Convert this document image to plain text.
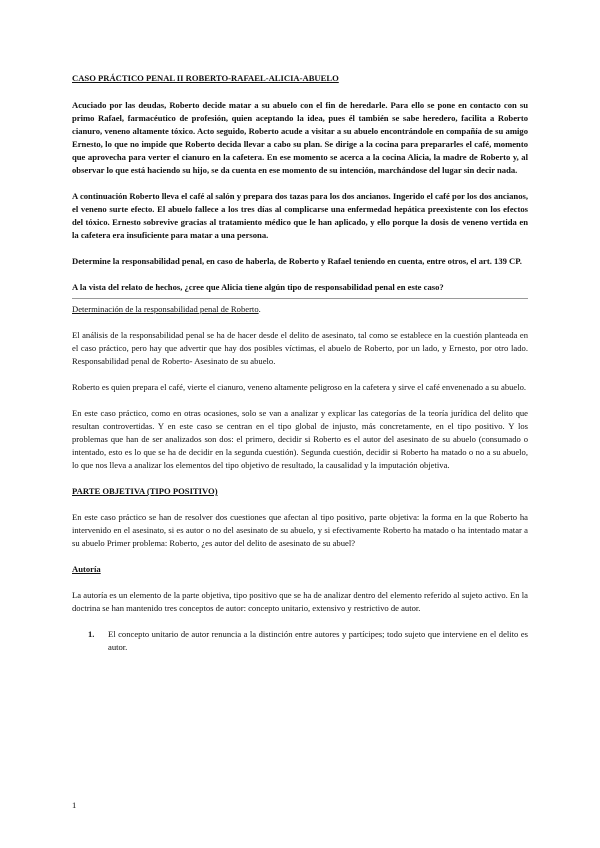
CASO PRÁCTICO PENAL II ROBERTO-RAFAEL-ALICIA-ABUELO

Acuciado por las deudas, Roberto decide matar a su abuelo con el fin de heredarle. Para ello se pone en contacto con su primo Rafael, farmacéutico de profesión, quien aceptando la idea, pues él también se sabe heredero, facilita a Roberto cianuro, veneno altamente tóxico. Acto seguido, Roberto acude a visitar a su abuelo encontrándole en compañía de su amigo Ernesto, lo que no impide que Roberto decida llevar a cabo su plan. Se dirige a la cocina para prepararles el café, momento que aprovecha para verter el cianuro en la cafetera. En ese momento se acerca a la cocina Alicia, la madre de Roberto y, al observar lo que está haciendo su hijo, se da cuenta en ese momento de su intención, marchándose del lugar sin decir nada.

A continuación Roberto lleva el café al salón y prepara dos tazas para los dos ancianos. Ingerido el café por los dos ancianos, el veneno surte efecto. El abuelo fallece a los tres días al complicarse una enfermedad hepática preexistente con los efectos del tóxico. Ernesto sobrevive gracias al tratamiento médico que le han aplicado, y ello porque la dosis de veneno vertida en la cafetera era insuficiente para matar a una persona.

Determine la responsabilidad penal, en caso de haberla, de Roberto y Rafael teniendo en cuenta, entre otros, el art. 139 CP.

A la vista del relato de hechos, ¿cree que Alicia tiene algún tipo de responsabilidad penal en este caso?

Determinación de la responsabilidad penal de Roberto.

El análisis de la responsabilidad penal se ha de hacer desde el delito de asesinato, tal como se establece en la cuestión planteada en el caso práctico, pero hay que advertir que hay dos posibles víctimas, el abuelo de Roberto, por un lado, y Ernesto, por otro lado. Responsabilidad penal de Roberto- Asesinato de su abuelo.

Roberto es quien prepara el café, vierte el cianuro, veneno altamente peligroso en la cafetera y sirve el café envenenado a su abuelo.

En este caso práctico, como en otras ocasiones, solo se van a analizar y explicar las categorías de la teoría jurídica del delito que resultan controvertidas. Y en este caso se centran en el tipo global de injusto, más concretamente, en el tipo positivo. Y los problemas que han de ser analizados son dos: el primero, decidir si Roberto es el autor del asesinato de su abuelo (consumado o intentado, esto es lo que se ha de decidir en la segunda cuestión). Segunda cuestión, decidir si Roberto ha matado o no a su abuelo, lo que nos lleva a analizar los elementos del tipo objetivo de resultado, la causalidad y la imputación objetiva.

PARTE OBJETIVA (TIPO POSITIVO)

En este caso práctico se han de resolver dos cuestiones que afectan al tipo positivo, parte objetiva: la forma en la que Roberto ha intervenido en el asesinato, si es autor o no del asesinato de su abuelo, y si efectivamente Roberto ha matado o ha intentado matar a su abuelo Primer problema: Roberto, ¿es autor del delito de asesinato de su abuel?

Autoría

La autoría es un elemento de la parte objetiva, tipo positivo que se ha de analizar dentro del elemento referido al sujeto activo. En la doctrina se han mantenido tres conceptos de autor: concepto unitario, extensivo y restrictivo de autor.

1.	El concepto unitario de autor renuncia a la distinción entre autores y partícipes; todo sujeto que interviene en el delito es autor.

1
